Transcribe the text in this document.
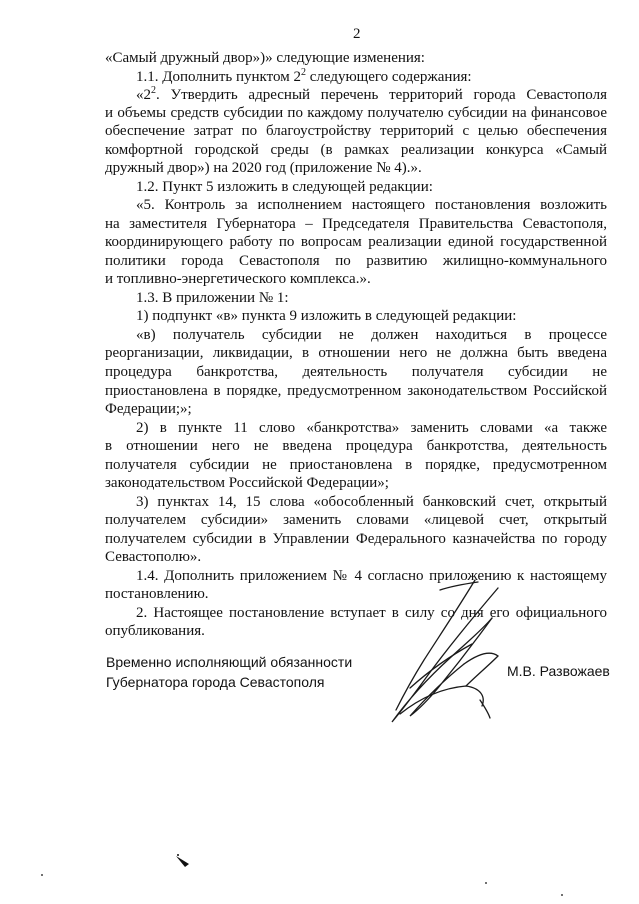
2
«Самый дружный двор»)» следующие изменения:
1.1. Дополнить пунктом $2^2$ следующего содержания:
«$2^2$. Утвердить адресный перечень территорий города Севастополя
и объемы средств субсидии по каждому получателю субсидии на финансовое
обеспечение затрат по благоустройству территорий с целью обеспечения
комфортной городской среды (в рамках реализации конкурса «Самый
дружный двор») на 2020 год (приложение № 4).».
1.2. Пункт 5 изложить в следующей редакции:
«5. Контроль за исполнением настоящего постановления возложить
на заместителя Губернатора – Председателя Правительства Севастополя,
координирующего работу по вопросам реализации единой государственной
политики города Севастополя по развитию жилищно-коммунального
и топливно-энергетического комплекса.».
1.3. В приложении № 1:
1) подпункт «в» пункта 9 изложить в следующей редакции:
«в) получатель субсидии не должен находиться в процессе
реорганизации, ликвидации, в отношении него не должна быть введена
процедура банкротства, деятельность получателя субсидии не
приостановлена в порядке, предусмотренном законодательством Российской
Федерации;»;
2) в пункте 11 слово «банкротства» заменить словами «а также
в отношении него не введена процедура банкротства, деятельность
получателя субсидии не приостановлена в порядке, предусмотренном
законодательством Российской Федерации»;
3) пунктах 14, 15 слова «обособленный банковский счет, открытый
получателем субсидии» заменить словами «лицевой счет, открытый
получателем субсидии в Управлении Федерального казначейства по городу
Севастополю».
1.4. Дополнить приложением № 4 согласно приложению к настоящему
постановлению.
2. Настоящее постановление вступает в силу со дня его официального
опубликования.
Временно исполняющий обязанности
Губернатора города Севастополя
М.В. Развожаев
